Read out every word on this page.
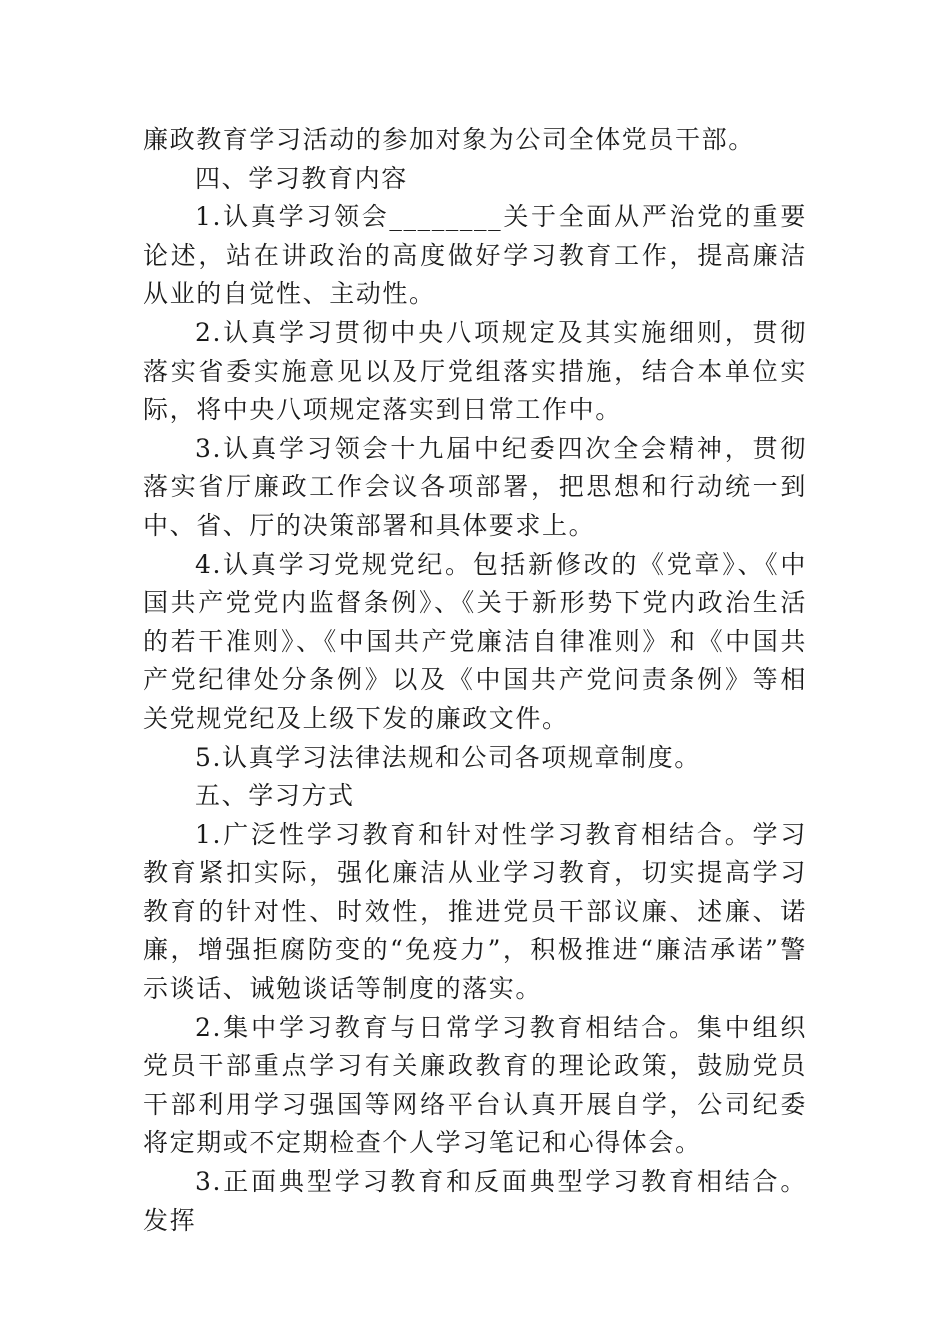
廉政教育学习活动的参加对象为公司全体党员干部。

四、学习教育内容

1.认真学习领会________关于全面从严治党的重要论述，站在讲政治的高度做好学习教育工作，提高廉洁从业的自觉性、主动性。

2.认真学习贯彻中央八项规定及其实施细则，贯彻落实省委实施意见以及厅党组落实措施，结合本单位实际，将中央八项规定落实到日常工作中。

3.认真学习领会十九届中纪委四次全会精神，贯彻落实省厅廉政工作会议各项部署，把思想和行动统一到中、省、厅的决策部署和具体要求上。

4.认真学习党规党纪。包括新修改的《党章》、《中国共产党党内监督条例》、《关于新形势下党内政治生活的若干准则》、《中国共产党廉洁自律准则》和《中国共产党纪律处分条例》以及《中国共产党问责条例》等相关党规党纪及上级下发的廉政文件。

5.认真学习法律法规和公司各项规章制度。

五、学习方式

1.广泛性学习教育和针对性学习教育相结合。学习教育紧扣实际，强化廉洁从业学习教育，切实提高学习教育的针对性、时效性，推进党员干部议廉、述廉、诺廉，增强拒腐防变的“免疫力”，积极推进“廉洁承诺”警示谈话、诫勉谈话等制度的落实。

2.集中学习教育与日常学习教育相结合。集中组织党员干部重点学习有关廉政教育的理论政策，鼓励党员干部利用学习强国等网络平台认真开展自学，公司纪委将定期或不定期检查个人学习笔记和心得体会。

3.正面典型学习教育和反面典型学习教育相结合。发挥
